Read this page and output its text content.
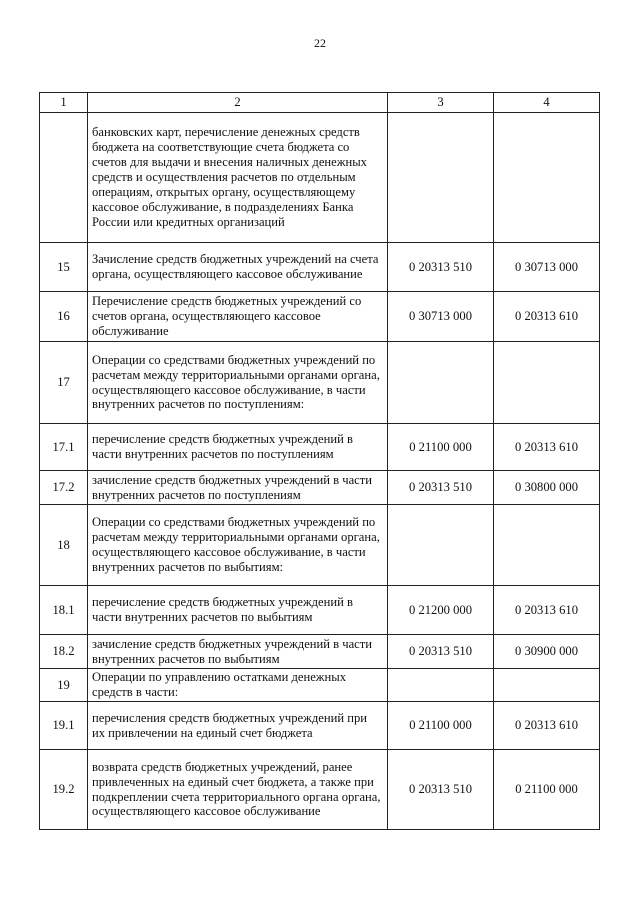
22
1	2	3	4
	банковских карт, перечисление денежных средств бюджета на соответствующие счета бюджета со счетов для выдачи и внесения наличных денежных средств и осуществления расчетов по отдельным операциям, открытых органу, осуществляющему кассовое обслуживание, в подразделениях Банка России или кредитных организаций		
15	Зачисление средств бюджетных учреждений на счета органа, осуществляющего кассовое обслуживание	0 20313 510	0 30713 000
16	Перечисление средств бюджетных учреждений со счетов органа, осуществляющего кассовое обслуживание	0 30713 000	0 20313 610
17	Операции со средствами бюджетных учреждений по расчетам между территориальными органами органа, осуществляющего кассовое обслуживание, в части внутренних расчетов по поступлениям:		
17.1	перечисление средств бюджетных учреждений в части внутренних расчетов по поступлениям	0 21100 000	0 20313 610
17.2	зачисление средств бюджетных учреждений в части внутренних расчетов по поступлениям	0 20313 510	0 30800 000
18	Операции со средствами бюджетных учреждений по расчетам между территориальными органами органа, осуществляющего кассовое обслуживание, в части внутренних расчетов по выбытиям:		
18.1	перечисление средств бюджетных учреждений в части внутренних расчетов по выбытиям	0 21200 000	0 20313 610
18.2	зачисление средств бюджетных учреждений в части внутренних расчетов по выбытиям	0 20313 510	0 30900 000
19	Операции по управлению остатками денежных средств в части:		
19.1	перечисления средств бюджетных учреждений при их привлечении на единый счет бюджета	0 21100 000	0 20313 610
19.2	возврата средств бюджетных учреждений, ранее привлеченных на единый счет бюджета, а также при подкреплении счета территориального органа органа, осуществляющего кассовое обслуживание	0 20313 510	0 21100 000
